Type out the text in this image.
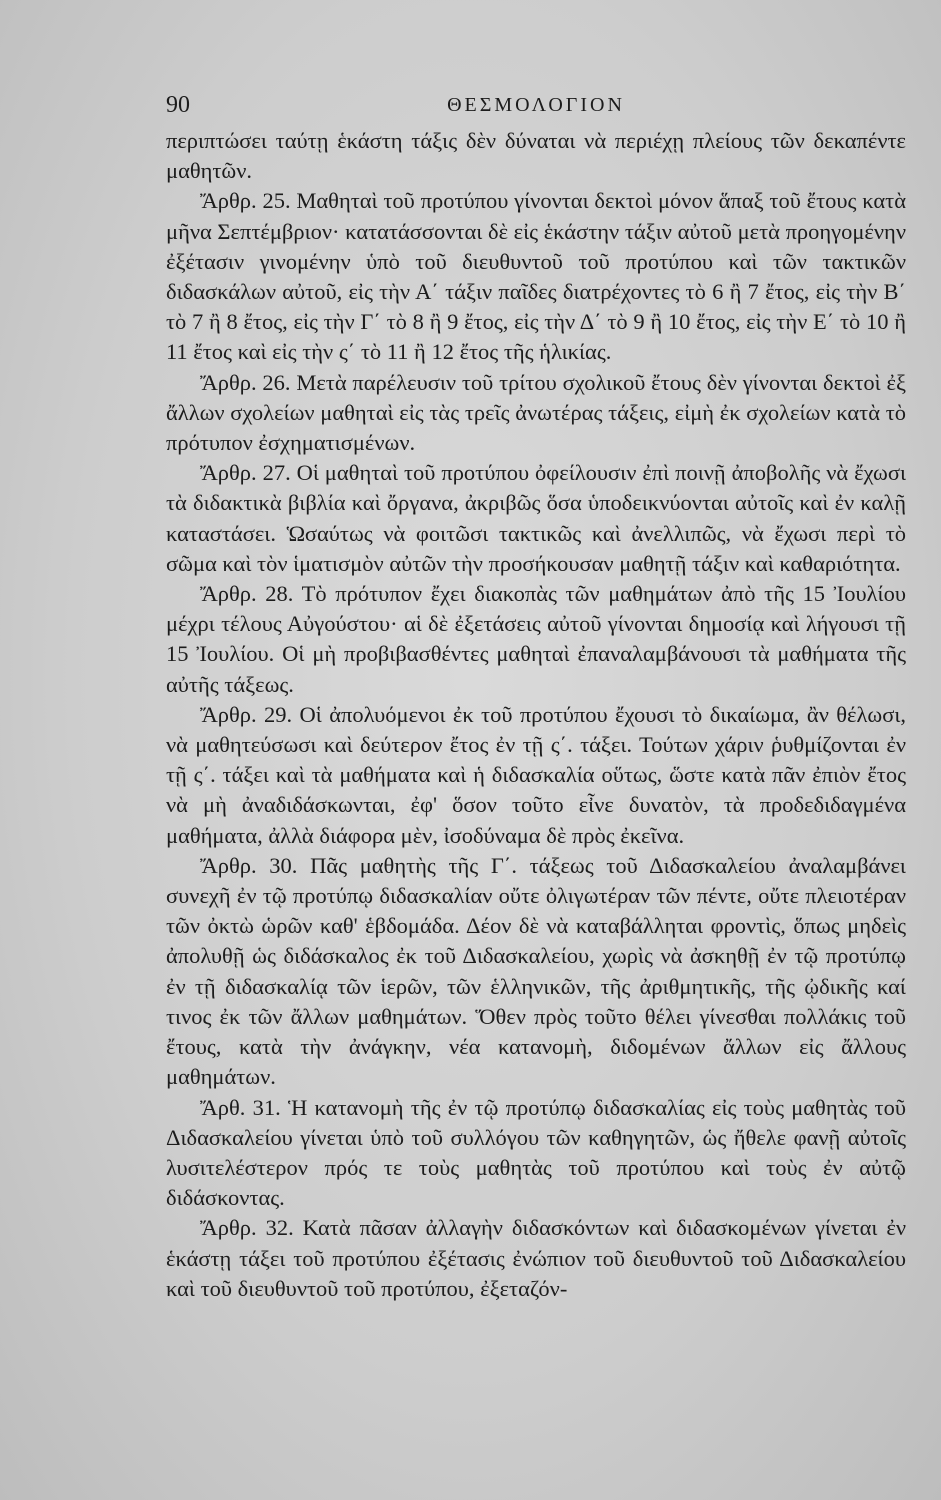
90	ΘΕΣΜΟΛΟΓΙΟΝ

περιπτώσει ταύτῃ ἑκάστη τάξις δὲν δύναται νὰ περιέχῃ πλείους τῶν δεκαπέντε μαθητῶν.

Ἄρθρ. 25. Μαθηταὶ τοῦ προτύπου γίνονται δεκτοὶ μόνον ἅπαξ τοῦ ἔτους κατὰ μῆνα Σεπτέμβριον· κατατάσσονται δὲ εἰς ἑκάστην τάξιν αὐτοῦ μετὰ προηγομένην ἐξέτασιν γινομένην ὑπὸ τοῦ διευθυντοῦ τοῦ προτύπου καὶ τῶν τακτικῶν διδασκάλων αὐτοῦ, εἰς τὴν Α΄ τάξιν παῖδες διατρέχοντες τὸ 6 ἢ 7 ἔτος, εἰς τὴν Β΄ τὸ 7 ἢ 8 ἔτος, εἰς τὴν Γ΄ τὸ 8 ἢ 9 ἔτος, εἰς τὴν Δ΄ τὸ 9 ἢ 10 ἔτος, εἰς τὴν Ε΄ τὸ 10 ἢ 11 ἔτος καὶ εἰς τὴν ς΄ τὸ 11 ἢ 12 ἔτος τῆς ἡλικίας.

Ἄρθρ. 26. Μετὰ παρέλευσιν τοῦ τρίτου σχολικοῦ ἔτους δὲν γίνονται δεκτοὶ ἐξ ἄλλων σχολείων μαθηταὶ εἰς τὰς τρεῖς ἀνωτέρας τάξεις, εἰμὴ ἐκ σχολείων κατὰ τὸ πρότυπον ἐσχηματισμένων.

Ἄρθρ. 27. Οἱ μαθηταὶ τοῦ προτύπου ὀφείλουσιν ἐπὶ ποινῇ ἀποβολῆς νὰ ἔχωσι τὰ διδακτικὰ βιβλία καὶ ὄργανα, ἀκριβῶς ὅσα ὑποδεικνύονται αὐτοῖς καὶ ἐν καλῇ καταστάσει. Ὡσαύτως νὰ φοιτῶσι τακτικῶς καὶ ἀνελλιπῶς, νὰ ἔχωσι περὶ τὸ σῶμα καὶ τὸν ἱματισμὸν αὐτῶν τὴν προσήκουσαν μαθητῇ τάξιν καὶ καθαριότητα.

Ἄρθρ. 28. Τὸ πρότυπον ἔχει διακοπὰς τῶν μαθημάτων ἀπὸ τῆς 15 Ἰουλίου μέχρι τέλους Αὐγούστου· αἱ δὲ ἐξετάσεις αὐτοῦ γίνονται δημοσίᾳ καὶ λήγουσι τῇ 15 Ἰουλίου. Οἱ μὴ προβιβασθέντες μαθηταὶ ἐπαναλαμβάνουσι τὰ μαθήματα τῆς αὐτῆς τάξεως.

Ἄρθρ. 29. Οἱ ἀπολυόμενοι ἐκ τοῦ προτύπου ἔχουσι τὸ δικαίωμα, ἂν θέλωσι, νὰ μαθητεύσωσι καὶ δεύτερον ἔτος ἐν τῇ ς΄. τάξει. Τούτων χάριν ῥυθμίζονται ἐν τῇ ς΄. τάξει καὶ τὰ μαθήματα καὶ ἡ διδασκαλία οὕτως, ὥστε κατὰ πᾶν ἐπιὸν ἔτος νὰ μὴ ἀναδιδάσκωνται, ἐφ' ὅσον τοῦτο εἶνε δυνατὸν, τὰ προδεδιδαγμένα μαθήματα, ἀλλὰ διάφορα μὲν, ἰσοδύναμα δὲ πρὸς ἐκεῖνα.

Ἄρθρ. 30. Πᾶς μαθητὴς τῆς Γ΄. τάξεως τοῦ Διδασκαλείου ἀναλαμβάνει συνεχῆ ἐν τῷ προτύπῳ διδασκαλίαν οὔτε ὀλιγωτέραν τῶν πέντε, οὔτε πλειοτέραν τῶν ὀκτὼ ὡρῶν καθ' ἑβδομάδα. Δέον δὲ νὰ καταβάλληται φροντὶς, ὅπως μηδεὶς ἀπολυθῇ ὡς διδάσκαλος ἐκ τοῦ Διδασκαλείου, χωρὶς νὰ ἀσκηθῇ ἐν τῷ προτύπῳ ἐν τῇ διδασκαλίᾳ τῶν ἱερῶν, τῶν ἑλληνικῶν, τῆς ἀριθμητικῆς, τῆς ᾠδικῆς καί τινος ἐκ τῶν ἄλλων μαθημάτων. Ὅθεν πρὸς τοῦτο θέλει γίνεσθαι πολλάκις τοῦ ἔτους, κατὰ τὴν ἀνάγκην, νέα κατανομὴ, διδομένων ἄλλων εἰς ἄλλους μαθημάτων.

Ἄρθ. 31. Ἡ κατανομὴ τῆς ἐν τῷ προτύπῳ διδασκαλίας εἰς τοὺς μαθητὰς τοῦ Διδασκαλείου γίνεται ὑπὸ τοῦ συλλόγου τῶν καθηγητῶν, ὡς ἤθελε φανῇ αὐτοῖς λυσιτελέστερον πρός τε τοὺς μαθητὰς τοῦ προτύπου καὶ τοὺς ἐν αὐτῷ διδάσκοντας.

Ἄρθρ. 32. Κατὰ πᾶσαν ἀλλαγὴν διδασκόντων καὶ διδασκομένων γίνεται ἐν ἑκάστῃ τάξει τοῦ προτύπου ἐξέτασις ἐνώπιον τοῦ διευθυντοῦ τοῦ Διδασκαλείου καὶ τοῦ διευθυντοῦ τοῦ προτύπου, ἐξεταζόν-
